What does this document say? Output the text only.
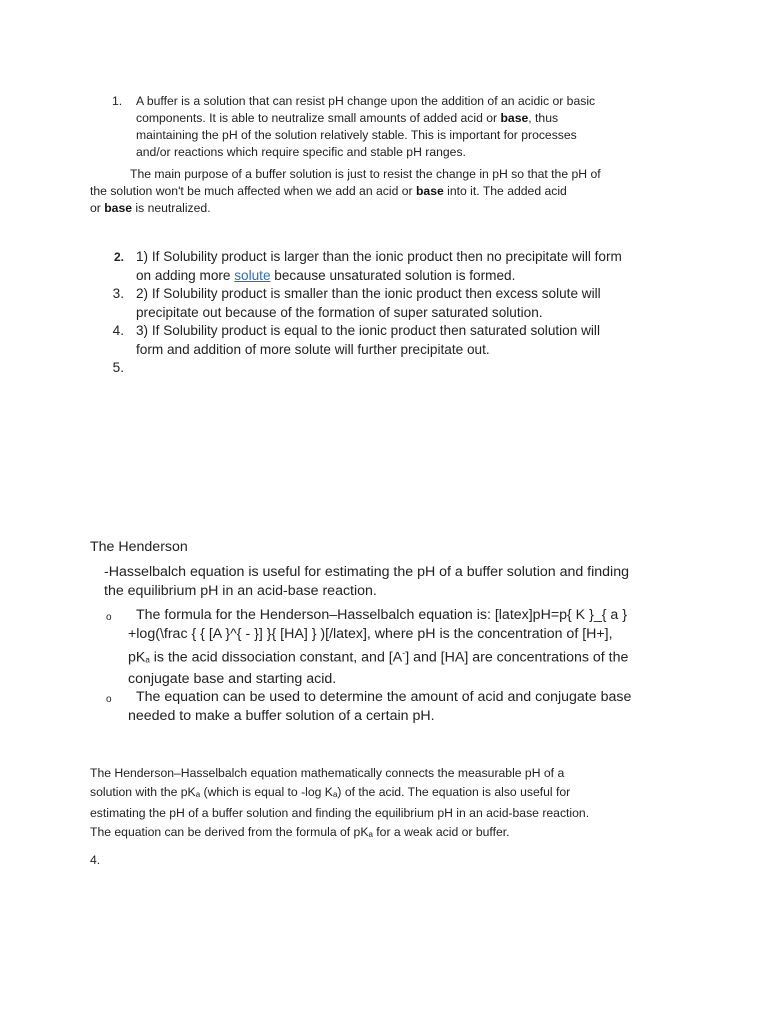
1. A buffer is a solution that can resist pH change upon the addition of an acidic or basic
components. It is able to neutralize small amounts of added acid or base, thus
maintaining the pH of the solution relatively stable. This is important for processes
and/or reactions which require specific and stable pH ranges.
The main purpose of a buffer solution is just to resist the change in pH so that the pH of
the solution won't be much affected when we add an acid or base into it. The added acid
or base is neutralized.
2. 1) If Solubility product is larger than the ionic product then no precipitate will form
on adding more solute because unsaturated solution is formed.
3. 2) If Solubility product is smaller than the ionic product then excess solute will
precipitate out because of the formation of super saturated solution.
4. 3) If Solubility product is equal to the ionic product then saturated solution will
form and addition of more solute will further precipitate out.
5.
The Henderson
-Hasselbalch equation is useful for estimating the pH of a buffer solution and finding
the equilibrium pH in an acid-base reaction.
o	The formula for the Henderson–Hasselbalch equation is: [latex]pH=p{ K }_{ a }
+log(\frac { { [A }^{ - }] }{ [HA] } )[/latex], where pH is the concentration of [H+],
$pK_a$ is the acid dissociation constant, and [A-] and [HA] are concentrations of the
conjugate base and starting acid.
o	The equation can be used to determine the amount of acid and conjugate base
needed to make a buffer solution of a certain pH.
The Henderson–Hasselbalch equation mathematically connects the measurable pH of a
solution with the $pK_a$ (which is equal to -log $K_a$) of the acid. The equation is also useful for
estimating the pH of a buffer solution and finding the equilibrium pH in an acid-base reaction.
The equation can be derived from the formula of $pK_a$ for a weak acid or buffer.
4.
